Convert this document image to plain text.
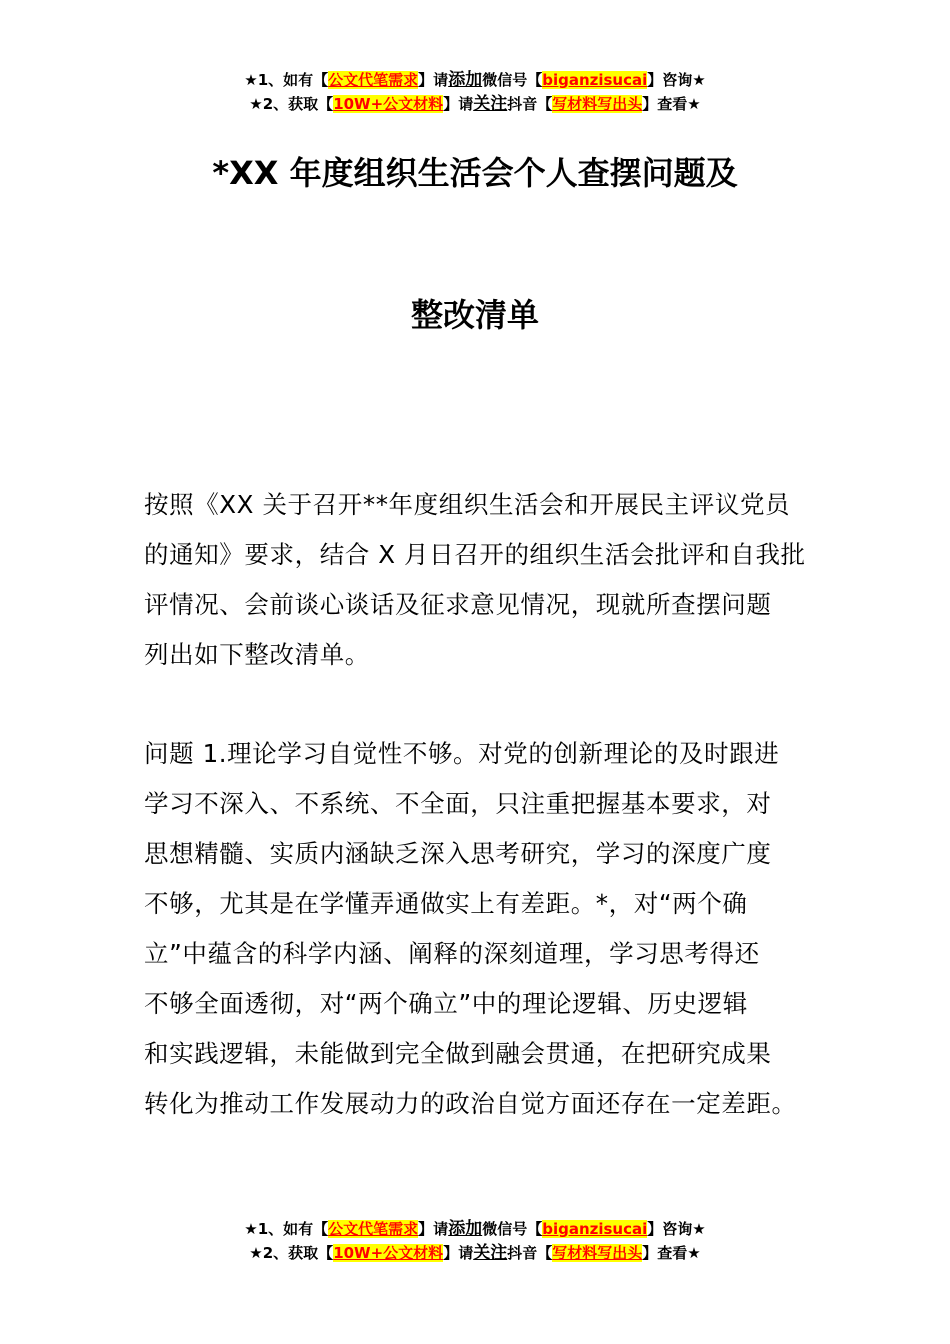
★1、如有【公文代笔需求】请添加微信号【biganzisucai】咨询★
★2、获取【10W+公文材料】请关注抖音【写材料写出头】查看★
*XX 年度组织生活会个人查摆问题及
整改清单
按照《XX 关于召开**年度组织生活会和开展民主评议党员
的通知》要求，结合 X 月日召开的组织生活会批评和自我批
评情况、会前谈心谈话及征求意见情况，现就所查摆问题
列出如下整改清单。
问题 1.理论学习自觉性不够。对党的创新理论的及时跟进
学习不深入、不系统、不全面，只注重把握基本要求，对
思想精髓、实质内涵缺乏深入思考研究，学习的深度广度
不够，尤其是在学懂弄通做实上有差距。*，对“两个确
立”中蕴含的科学内涵、阐释的深刻道理，学习思考得还
不够全面透彻，对“两个确立”中的理论逻辑、历史逻辑
和实践逻辑，未能做到完全做到融会贯通，在把研究成果
转化为推动工作发展动力的政治自觉方面还存在一定差距。
★1、如有【公文代笔需求】请添加微信号【biganzisucai】咨询★
★2、获取【10W+公文材料】请关注抖音【写材料写出头】查看★
